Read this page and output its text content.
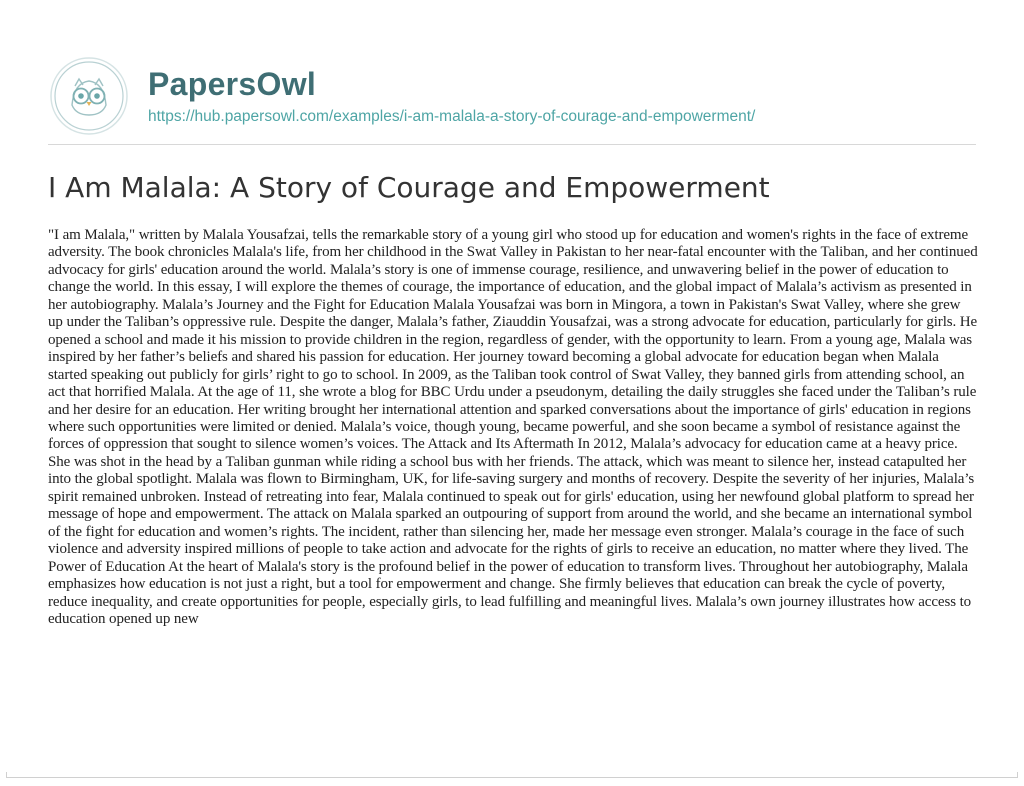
PapersOwl
https://hub.papersowl.com/examples/i-am-malala-a-story-of-courage-and-empowerment/
I Am Malala: A Story of Courage and Empowerment

"I am Malala," written by Malala Yousafzai, tells the remarkable story of a young girl who stood up for education and women's rights in the face of extreme adversity. The book chronicles Malala's life, from her childhood in the Swat Valley in Pakistan to her near-fatal encounter with the Taliban, and her continued advocacy for girls' education around the world. Malala’s story is one of immense courage, resilience, and unwavering belief in the power of education to change the world. In this essay, I will explore the themes of courage, the importance of education, and the global impact of Malala’s activism as presented in her autobiography. Malala’s Journey and the Fight for Education Malala Yousafzai was born in Mingora, a town in Pakistan's Swat Valley, where she grew up under the Taliban’s oppressive rule. Despite the danger, Malala’s father, Ziauddin Yousafzai, was a strong advocate for education, particularly for girls. He opened a school and made it his mission to provide children in the region, regardless of gender, with the opportunity to learn. From a young age, Malala was inspired by her father’s beliefs and shared his passion for education. Her journey toward becoming a global advocate for education began when Malala started speaking out publicly for girls’ right to go to school. In 2009, as the Taliban took control of Swat Valley, they banned girls from attending school, an act that horrified Malala. At the age of 11, she wrote a blog for BBC Urdu under a pseudonym, detailing the daily struggles she faced under the Taliban’s rule and her desire for an education. Her writing brought her international attention and sparked conversations about the importance of girls' education in regions where such opportunities were limited or denied. Malala’s voice, though young, became powerful, and she soon became a symbol of resistance against the forces of oppression that sought to silence women’s voices. The Attack and Its Aftermath In 2012, Malala’s advocacy for education came at a heavy price. She was shot in the head by a Taliban gunman while riding a school bus with her friends. The attack, which was meant to silence her, instead catapulted her into the global spotlight. Malala was flown to Birmingham, UK, for life-saving surgery and months of recovery. Despite the severity of her injuries, Malala’s spirit remained unbroken. Instead of retreating into fear, Malala continued to speak out for girls' education, using her newfound global platform to spread her message of hope and empowerment. The attack on Malala sparked an outpouring of support from around the world, and she became an international symbol of the fight for education and women’s rights. The incident, rather than silencing her, made her message even stronger. Malala’s courage in the face of such violence and adversity inspired millions of people to take action and advocate for the rights of girls to receive an education, no matter where they lived. The Power of Education At the heart of Malala's story is the profound belief in the power of education to transform lives. Throughout her autobiography, Malala emphasizes how education is not just a right, but a tool for empowerment and change. She firmly believes that education can break the cycle of poverty, reduce inequality, and create opportunities for people, especially girls, to lead fulfilling and meaningful lives. Malala’s own journey illustrates how access to education opened up new
